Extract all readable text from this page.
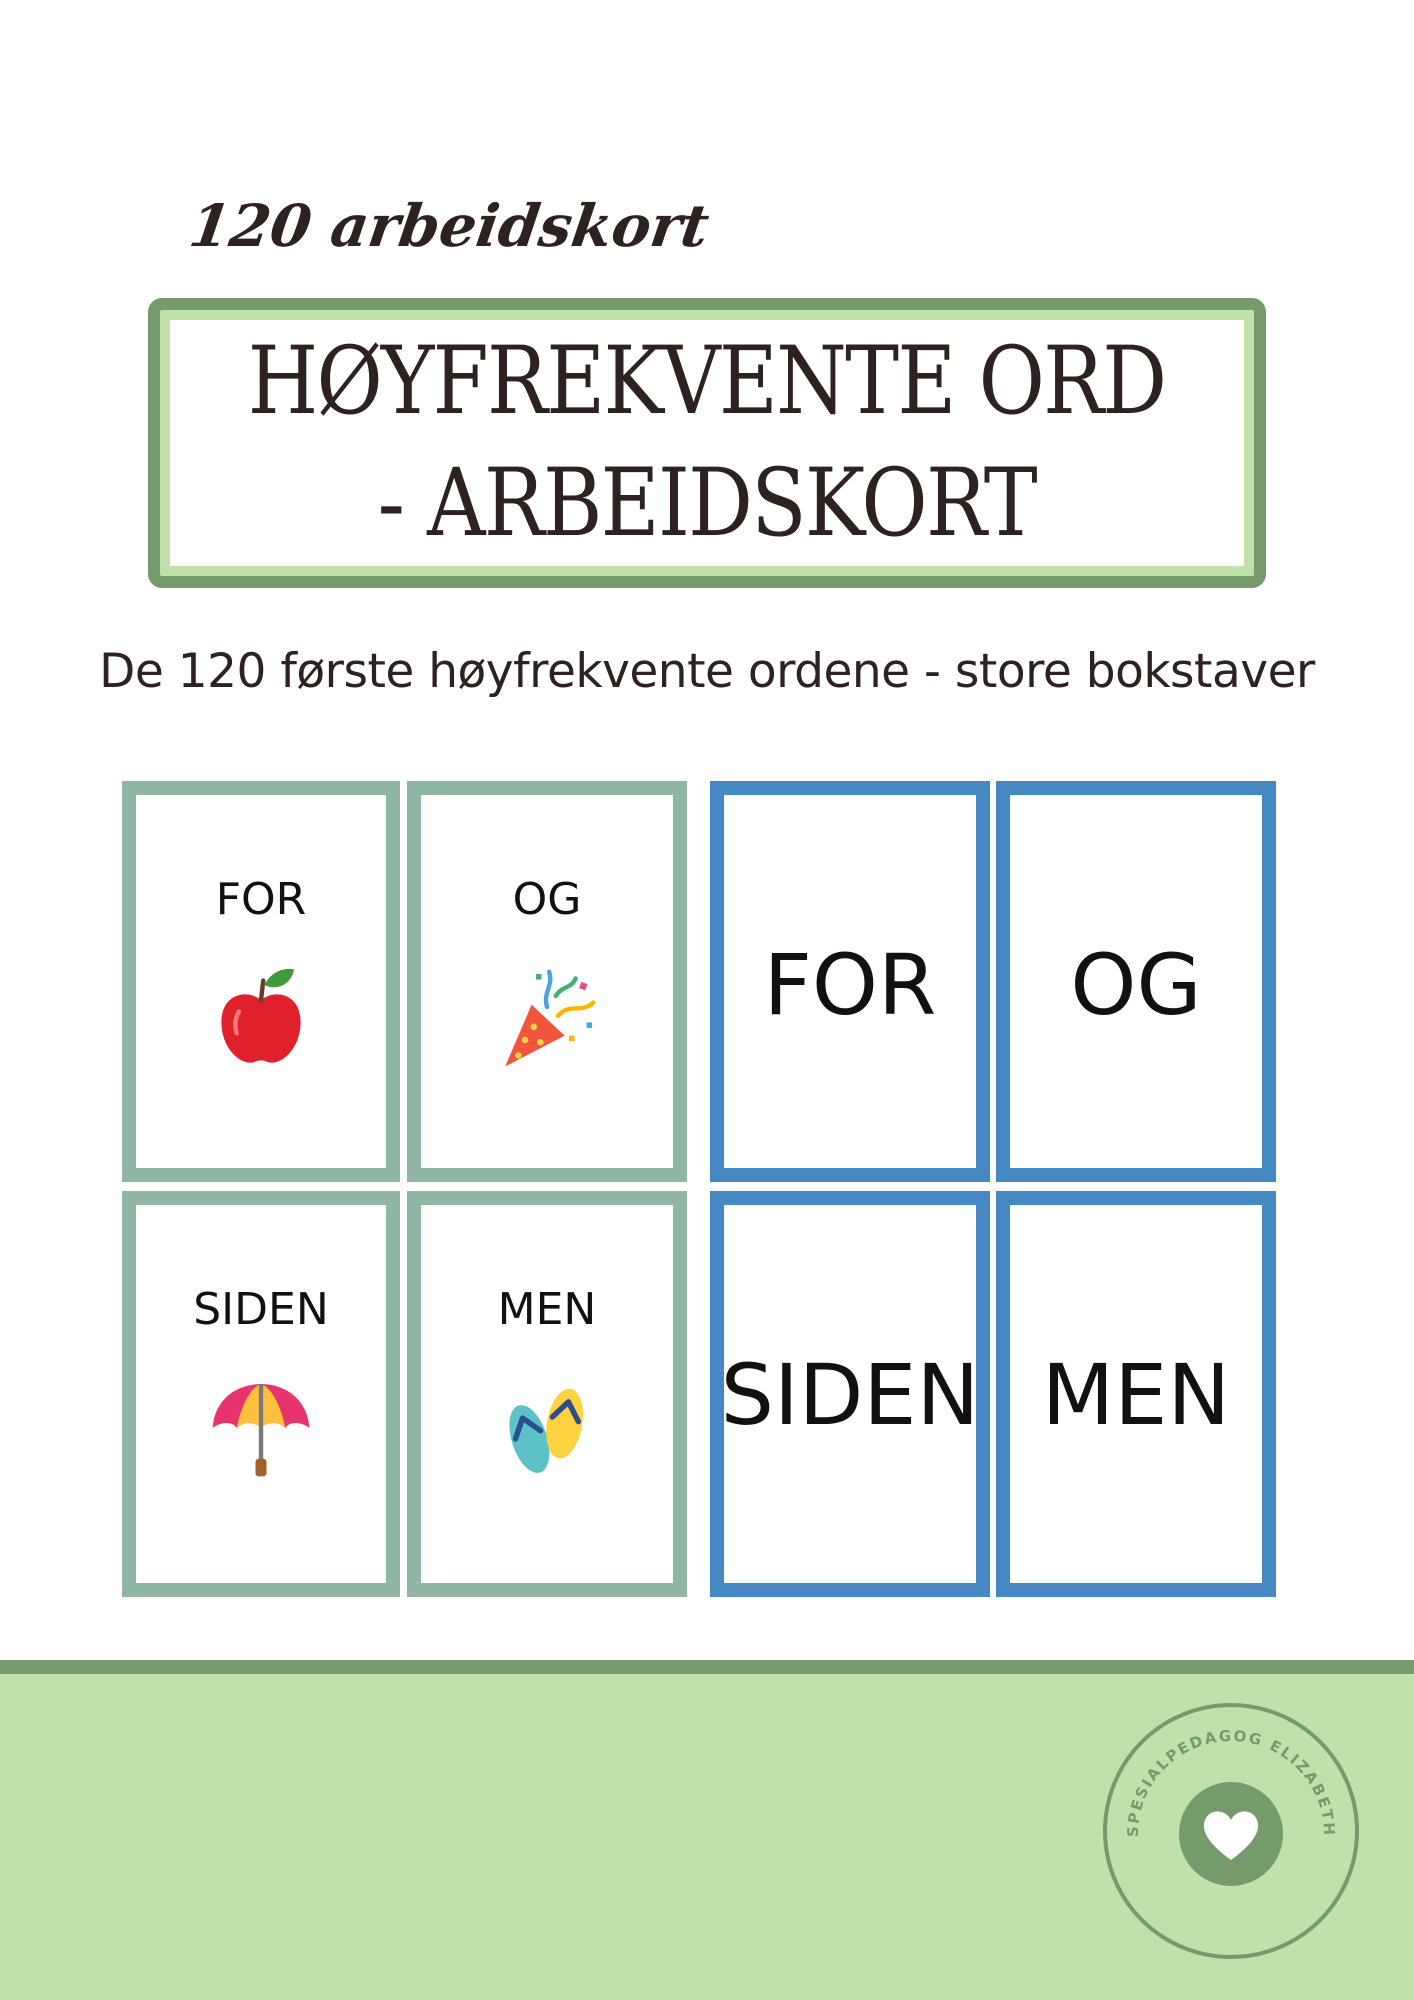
120 arbeidskort
HØYFREKVENTE ORD
- ARBEIDSKORT
De 120 første høyfrekvente ordene - store bokstaver
FOR	OG
SIDEN	MEN
FOR OG
SIDEN MEN
SPESIALPEDAGOG ELIZABETH
